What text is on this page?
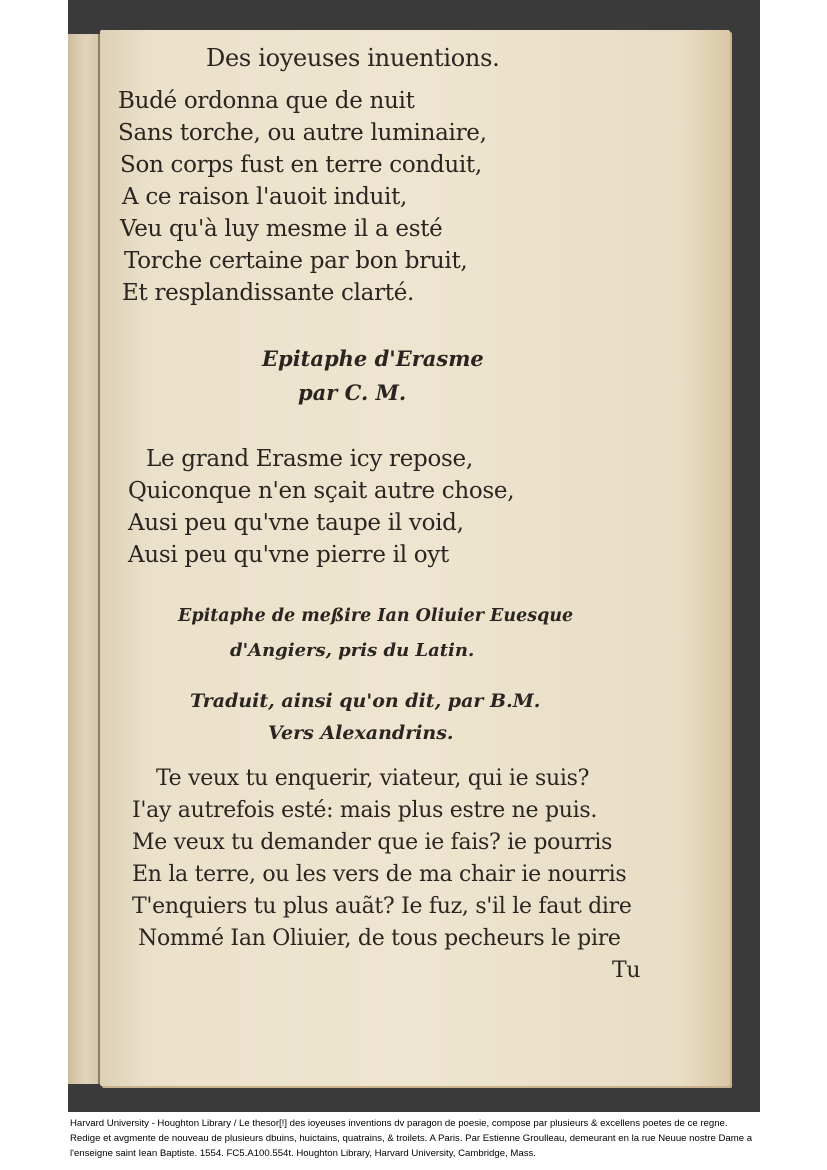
Des ioyeuses inuentions.
Budé ordonna que de nuit
Sans torche, ou autre luminaire,
Son corps fust en terre conduit,
A ce raison l'auoit induit,
Veu qu'à luy mesme il a esté
Torche certaine par bon bruit,
Et resplandissante clarté.
Epitaphe d'Erasme
par C. M.
Le grand Erasme icy repose,
Quiconque n'en sçait autre chose,
Ausi peu qu'vne taupe il void,
Ausi peu qu'vne pierre il oyt
Epitaphe de meßire Ian Oliuier Euesque
d'Angiers, pris du Latin.
Traduit, ainsi qu'on dit, par B.M.
Vers Alexandrins.
Te veux tu enquerir, viateur, qui ie suis?
I'ay autrefois esté: mais plus estre ne puis.
Me veux tu demander que ie fais? ie pourris
En la terre, ou les vers de ma chair ie nourris
T'enquiers tu plus auãt? Ie fuz, s'il le faut dire
Nommé Ian Oliuier, de tous pecheurs le pire
Tu
Harvard University - Houghton Library / Le thesor[!] des ioyeuses inventions dv paragon de poesie, compose par plusieurs & excellens poetes de ce regne. Redige et avgmente de nouveau de plusieurs dbuins, huictains, quatrains, & troilets. A Paris. Par Estienne Groulleau, demeurant en la rue Neuue nostre Dame a l'enseigne saint Iean Baptiste. 1554. FC5.A100.554t. Houghton Library, Harvard University, Cambridge, Mass.
